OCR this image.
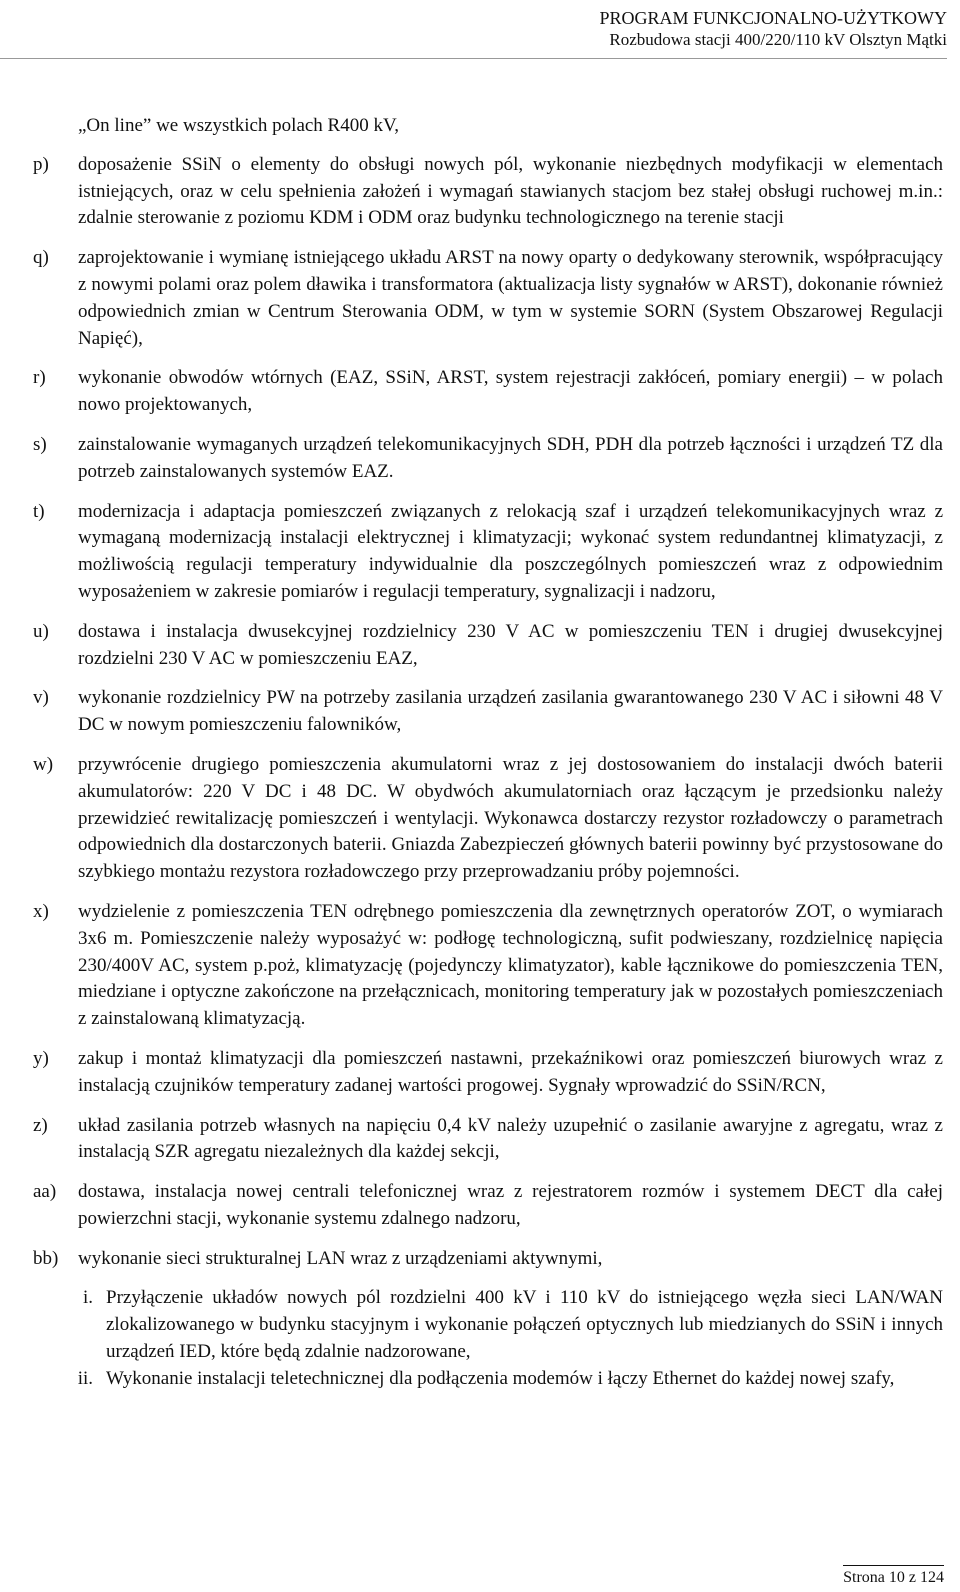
PROGRAM FUNKCJONALNO-UŻYTKOWY
Rozbudowa stacji 400/220/110 kV Olsztyn Mątki

„On line” we wszystkich polach R400 kV,

p) doposażenie SSiN o elementy do obsługi nowych pól, wykonanie niezbędnych modyfikacji w elementach istniejących, oraz w celu spełnienia założeń i wymagań stawianych stacjom bez stałej obsługi ruchowej m.in.: zdalnie sterowanie z poziomu KDM i ODM oraz budynku technologicznego na terenie stacji
q) zaprojektowanie i wymianę istniejącego układu ARST na nowy oparty o dedykowany sterownik, współpracujący z nowymi polami oraz polem dławika i transformatora (aktualizacja listy sygnałów w ARST), dokonanie również odpowiednich zmian w Centrum Sterowania ODM, w tym w systemie SORN (System Obszarowej Regulacji Napięć),
r) wykonanie obwodów wtórnych (EAZ, SSiN, ARST, system rejestracji zakłóceń, pomiary energii) – w polach nowo projektowanych,
s) zainstalowanie wymaganych urządzeń telekomunikacyjnych SDH, PDH dla potrzeb łączności i urządzeń TZ dla potrzeb zainstalowanych systemów EAZ.
t) modernizacja i adaptacja pomieszczeń związanych z relokacją szaf i urządzeń telekomunikacyjnych wraz z wymaganą modernizacją instalacji elektrycznej i klimatyzacji; wykonać system redundantnej klimatyzacji, z możliwością regulacji temperatury indywidualnie dla poszczególnych pomieszczeń wraz z odpowiednim wyposażeniem w zakresie pomiarów i regulacji temperatury, sygnalizacji i nadzoru,
u) dostawa i instalacja dwusekcyjnej rozdzielnicy 230 V AC w pomieszczeniu TEN i drugiej dwusekcyjnej rozdzielni 230 V AC w pomieszczeniu EAZ,
v) wykonanie rozdzielnicy PW na potrzeby zasilania urządzeń zasilania gwarantowanego 230 V AC i siłowni 48 V DC w nowym pomieszczeniu falowników,
w) przywrócenie drugiego pomieszczenia akumulatorni wraz z jej dostosowaniem do instalacji dwóch baterii akumulatorów: 220 V DC i 48 DC. W obydwóch akumulatorniach oraz łączącym je przedsionku należy przewidzieć rewitalizację pomieszczeń i wentylacji. Wykonawca dostarczy rezystor rozładowczy o parametrach odpowiednich dla dostarczonych baterii. Gniazda Zabezpieczeń głównych baterii powinny być przystosowane do szybkiego montażu rezystora rozładowczego przy przeprowadzaniu próby pojemności.
x) wydzielenie z pomieszczenia TEN odrębnego pomieszczenia dla zewnętrznych operatorów ZOT, o wymiarach 3x6 m. Pomieszczenie należy wyposażyć w: podłogę technologiczną, sufit podwieszany, rozdzielnicę napięcia 230/400V AC, system p.poż, klimatyzację (pojedynczy klimatyzator), kable łącznikowe do pomieszczenia TEN, miedziane i optyczne zakończone na przełącznicach, monitoring temperatury jak w pozostałych pomieszczeniach z zainstalowaną klimatyzacją.
y) zakup i montaż klimatyzacji dla pomieszczeń nastawni, przekaźnikowi oraz pomieszczeń biurowych wraz z instalacją czujników temperatury zadanej wartości progowej. Sygnały wprowadzić do SSiN/RCN,
z) układ zasilania potrzeb własnych na napięciu 0,4 kV należy uzupełnić o zasilanie awaryjne z agregatu, wraz z instalacją SZR agregatu niezależnych dla każdej sekcji,
aa) dostawa, instalacja nowej centrali telefonicznej wraz z rejestratorem rozmów i systemem DECT dla całej powierzchni stacji, wykonanie systemu zdalnego nadzoru,
bb) wykonanie sieci strukturalnej LAN wraz z urządzeniami aktywnymi,
i. Przyłączenie układów nowych pól rozdzielni 400 kV i 110 kV do istniejącego węzła sieci LAN/WAN zlokalizowanego w budynku stacyjnym i wykonanie połączeń optycznych lub miedzianych do SSiN i innych urządzeń IED, które będą zdalnie nadzorowane,
ii. Wykonanie instalacji teletechnicznej dla podłączenia modemów i łączy Ethernet do każdej nowej szafy,
Strona 10 z 124
